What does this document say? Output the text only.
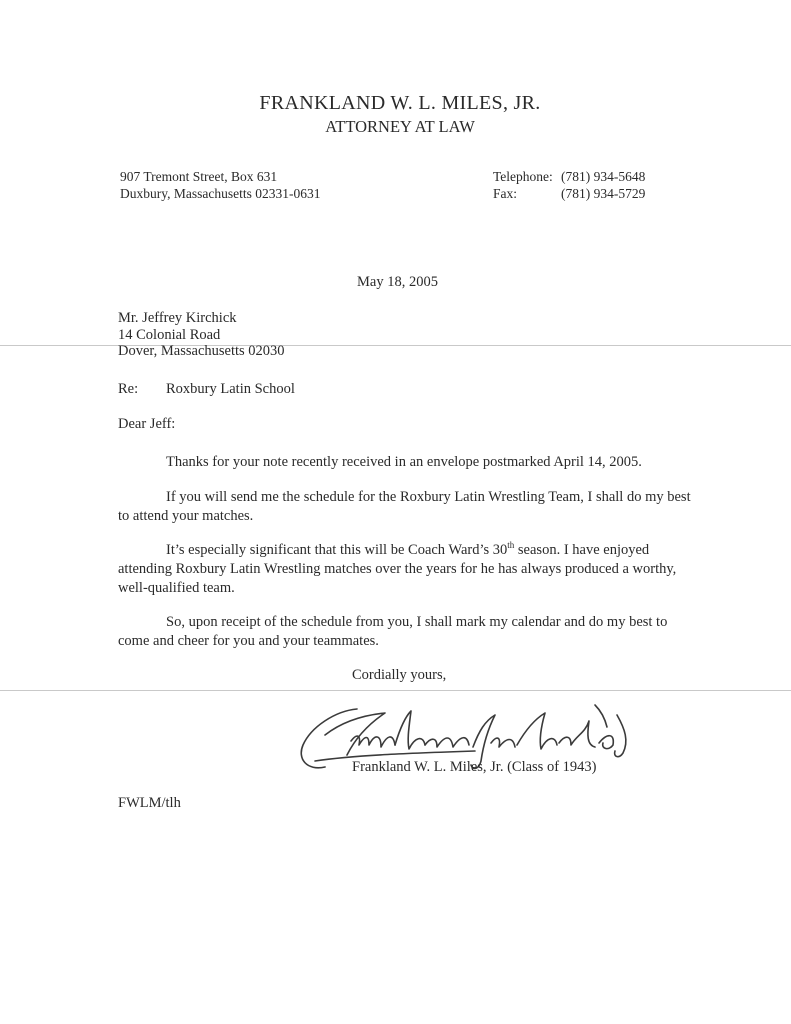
FRANKLAND W. L. MILES, JR.
ATTORNEY AT LAW
907 Tremont Street, Box 631
Duxbury, Massachusetts 02331-0631
Telephone: (781) 934-5648
Fax:	(781) 934-5729
May 18, 2005
Mr. Jeffrey Kirchick
14 Colonial Road
Dover, Massachusetts 02030
Re: Roxbury Latin School
Dear Jeff:
Thanks for your note recently received in an envelope postmarked April 14, 2005.
If you will send me the schedule for the Roxbury Latin Wrestling Team, I shall do my best to attend your matches.
It’s especially significant that this will be Coach Ward’s 30th season. I have enjoyed attending Roxbury Latin Wrestling matches over the years for he has always produced a worthy, well-qualified team.
So, upon receipt of the schedule from you, I shall mark my calendar and do my best to come and cheer for you and your teammates.
Cordially yours,
Frankland W. L. Miles, Jr. (Class of 1943)
FWLM/tlh
